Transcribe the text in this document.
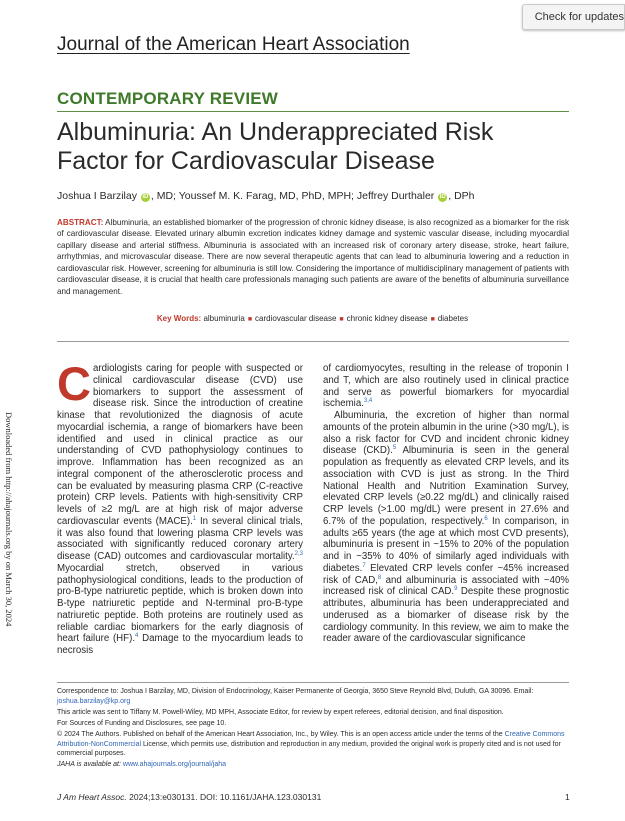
Check for updates
Journal of the American Heart Association
CONTEMPORARY REVIEW
Albuminuria: An Underappreciated Risk Factor for Cardiovascular Disease
Joshua I Barzilay iD , MD; Youssef M. K. Farag, MD, PhD, MPH; Jeffrey Durthaler iD , DPh
ABSTRACT: Albuminuria, an established biomarker of the progression of chronic kidney disease, is also recognized as a biomarker for the risk of cardiovascular disease. Elevated urinary albumin excretion indicates kidney damage and systemic vascular disease, including myocardial capillary disease and arterial stiffness. Albuminuria is associated with an increased risk of coronary artery disease, stroke, heart failure, arrhythmias, and microvascular disease. There are now several therapeutic agents that can lead to albuminuria lowering and a reduction in cardiovascular risk. However, screening for albuminuria is still low. Considering the importance of multidisciplinary management of patients with cardiovascular disease, it is crucial that health care professionals managing such patients are aware of the benefits of albuminuria surveillance and management.
Key Words: albuminuria ■ cardiovascular disease ■ chronic kidney disease ■ diabetes

Cardiologists caring for people with suspected or clinical cardiovascular disease (CVD) use biomarkers to support the assessment of disease risk. Since the introduction of creatine kinase that revolutionized the diagnosis of acute myocardial ischemia, a range of biomarkers have been identified and used in clinical practice as our understanding of CVD pathophysiology continues to improve. Inflammation has been recognized as an integral component of the atherosclerotic process and can be evaluated by measuring plasma CRP (C-reactive protein) CRP levels. Patients with high-sensitivity CRP levels of ≥2 mg/L are at high risk of major adverse cardiovascular events (MACE).$^1$ In several clinical trials, it was also found that lowering plasma CRP levels was associated with significantly reduced coronary artery disease (CAD) outcomes and cardiovascular mortality.$^{2,3}$ Myocardial stretch, observed in various pathophysiological conditions, leads to the production of pro-B-type natriuretic peptide, which is broken down into B-type natriuretic peptide and N-terminal pro-B-type natriuretic peptide. Both proteins are routinely used as reliable cardiac biomarkers for the early diagnosis of heart failure (HF).$^4$ Damage to the myocardium leads to necrosis

of cardiomyocytes, resulting in the release of troponin I and T, which are also routinely used in clinical practice and serve as powerful biomarkers for myocardial ischemia.$^{3,4}$

Albuminuria, the excretion of higher than normal amounts of the protein albumin in the urine (>30 mg/L), is also a risk factor for CVD and incident chronic kidney disease (CKD).$^5$ Albuminuria is seen in the general population as frequently as elevated CRP levels, and its association with CVD is just as strong. In the Third National Health and Nutrition Examination Survey, elevated CRP levels (≥0.22 mg/dL) and clinically raised CRP levels (>1.00 mg/dL) were present in 27.6% and 6.7% of the population, respectively.$^6$ In comparison, in adults ≥65 years (the age at which most CVD presents), albuminuria is present in ~15% to 20% of the population and in ~35% to 40% of similarly aged individuals with diabetes.$^7$ Elevated CRP levels confer ~45% increased risk of CAD,$^8$ and albuminuria is associated with ~40% increased risk of clinical CAD.$^9$ Despite these prognostic attributes, albuminuria has been underappreciated and underused as a biomarker of disease risk by the cardiology community. In this review, we aim to make the reader aware of the cardiovascular significance

Correspondence to: Joshua I Barzilay, MD, Division of Endocrinology, Kaiser Permanente of Georgia, 3650 Steve Reynold Blvd, Duluth, GA 30096. Email: joshua.barzilay@kp.org
This article was sent to Tiffany M. Powell-Wiley, MD MPH, Associate Editor, for review by expert referees, editorial decision, and final disposition.
For Sources of Funding and Disclosures, see page 10.
© 2024 The Authors. Published on behalf of the American Heart Association, Inc., by Wiley. This is an open access article under the terms of the Creative Commons Attribution-NonCommercial License, which permits use, distribution and reproduction in any medium, provided the original work is properly cited and is not used for commercial purposes.
JAHA is available at: www.ahajournals.org/journal/jaha
J Am Heart Assoc. 2024;13:e030131. DOI: 10.1161/JAHA.123.030131	1
Downloaded from http://ahajournals.org by on March 30, 2024
